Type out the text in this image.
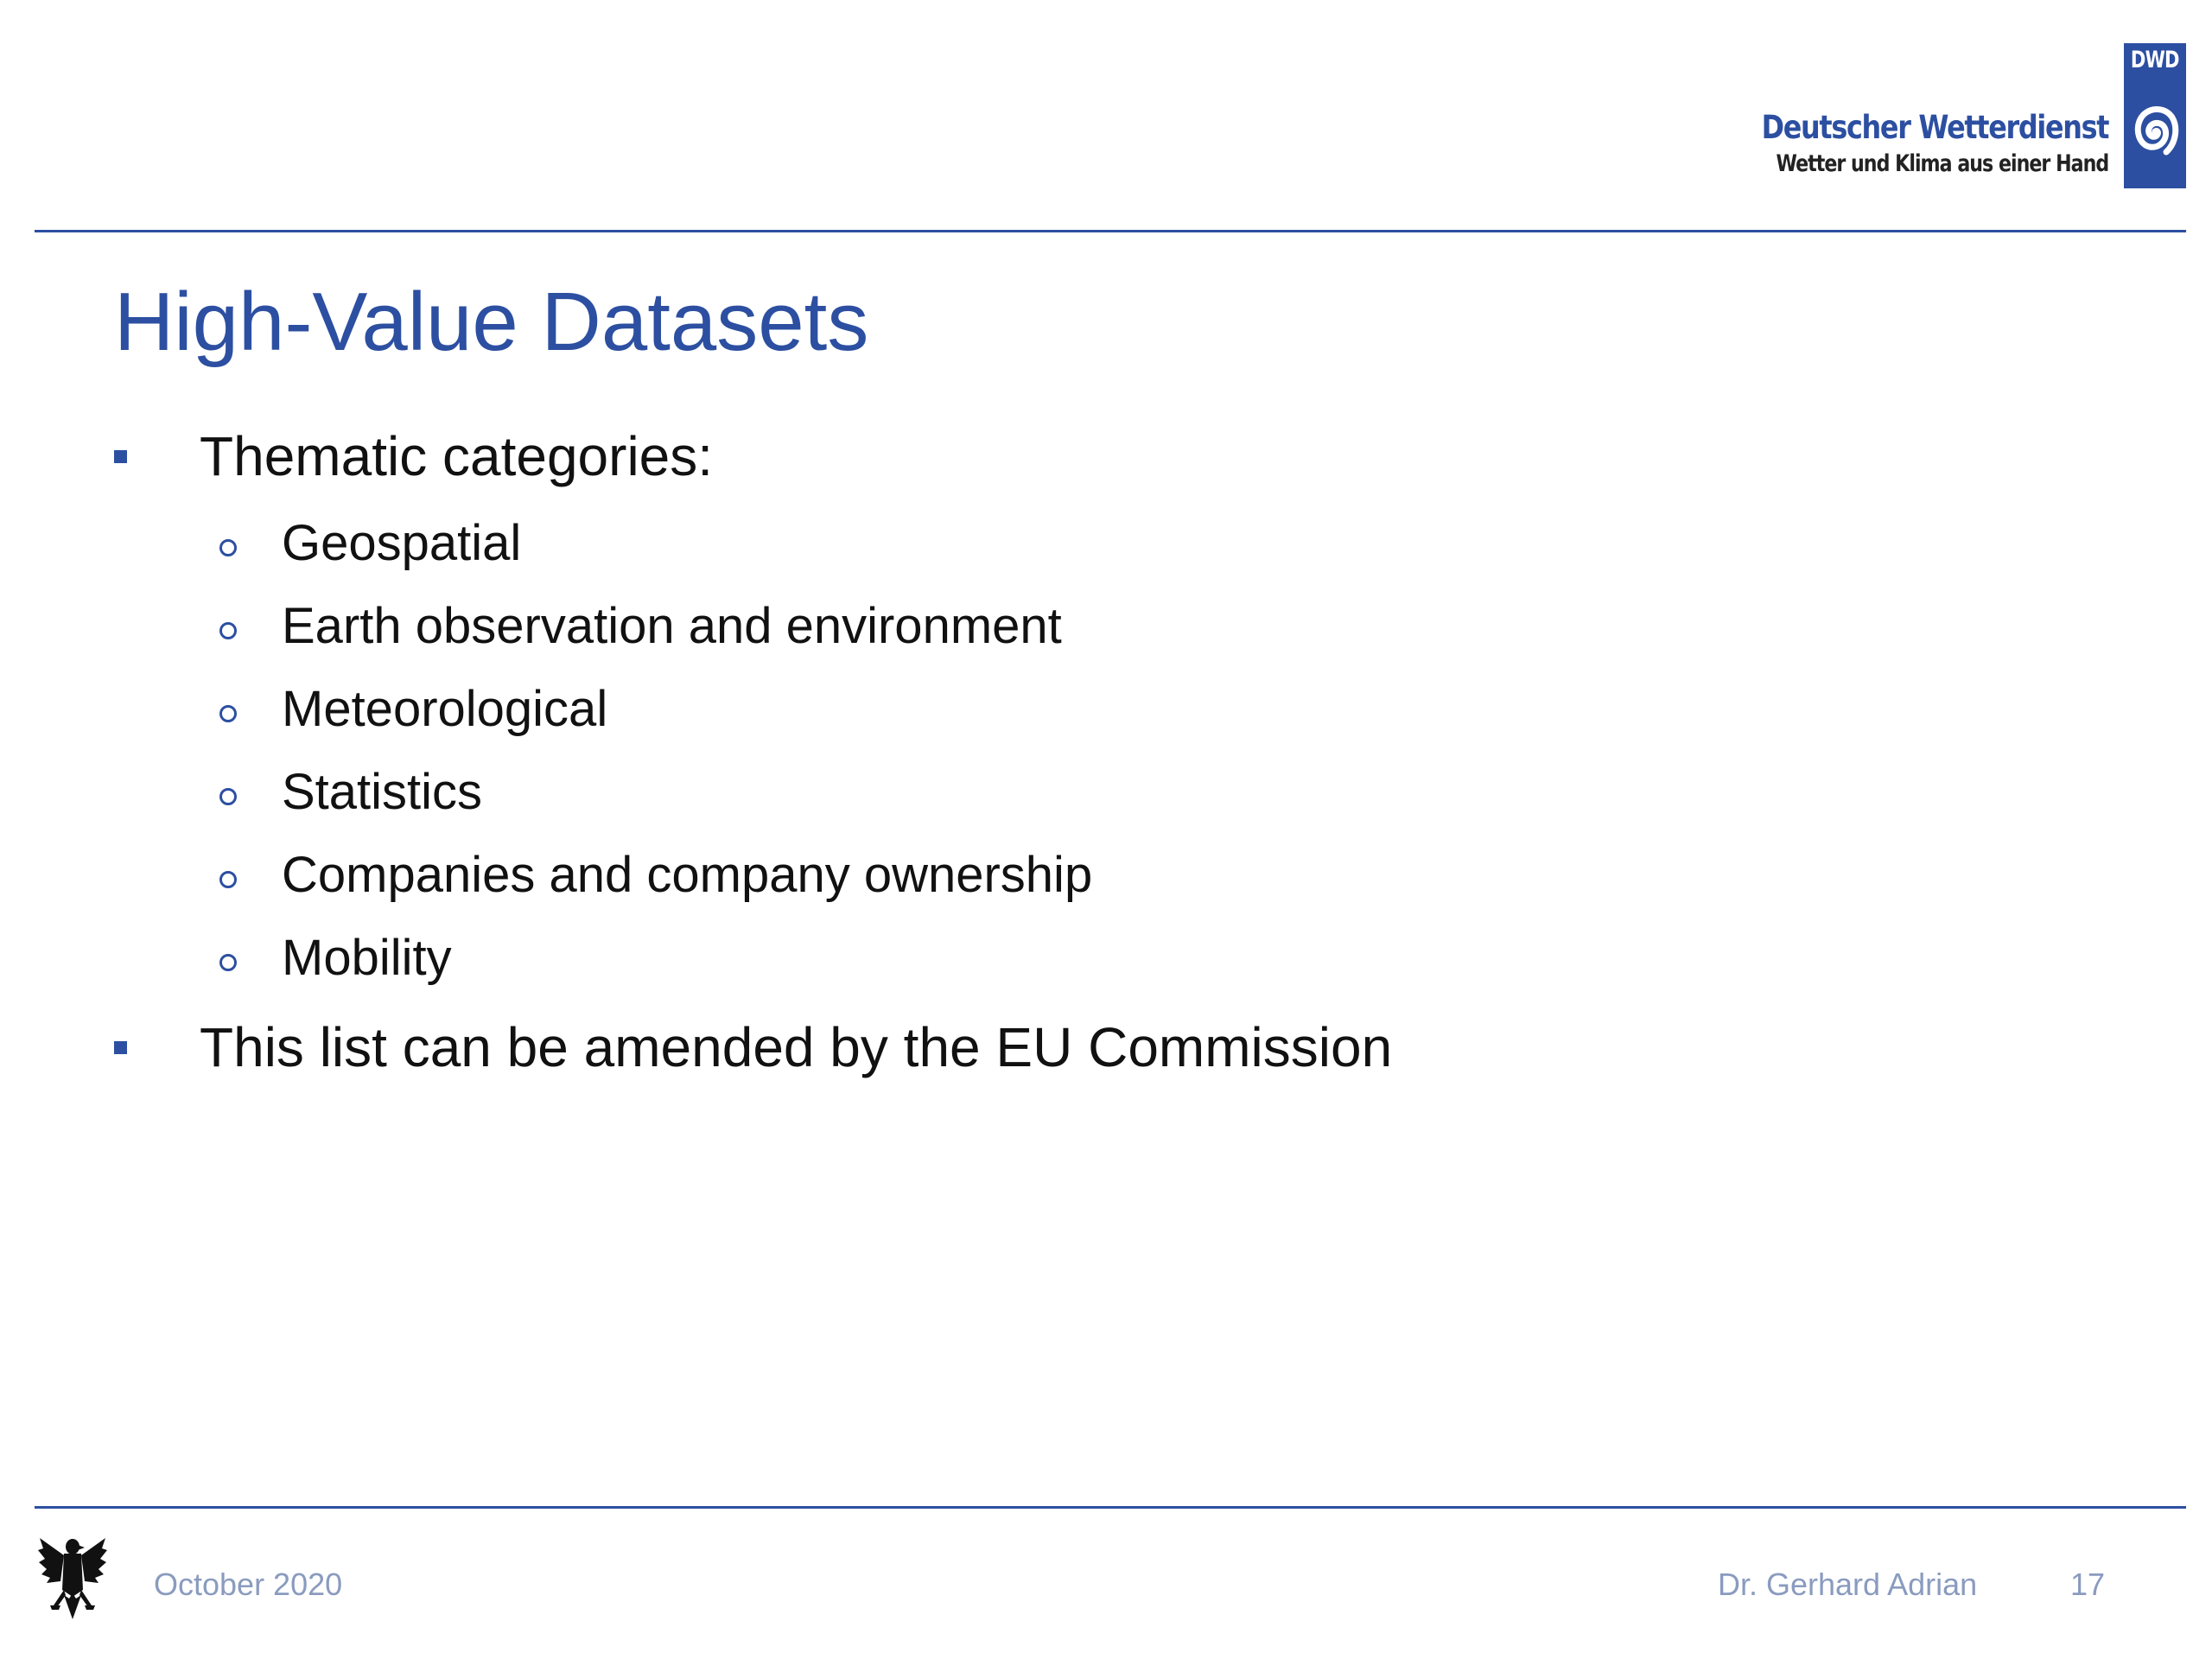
Deutscher Wetterdienst
Wetter und Klima aus einer Hand
DWD
High-Value Datasets
Thematic categories:
Geospatial
Earth observation and environment
Meteorological
Statistics
Companies and company ownership
Mobility
This list can be amended by the EU Commission
October 2020	Dr. Gerhard Adrian	17
